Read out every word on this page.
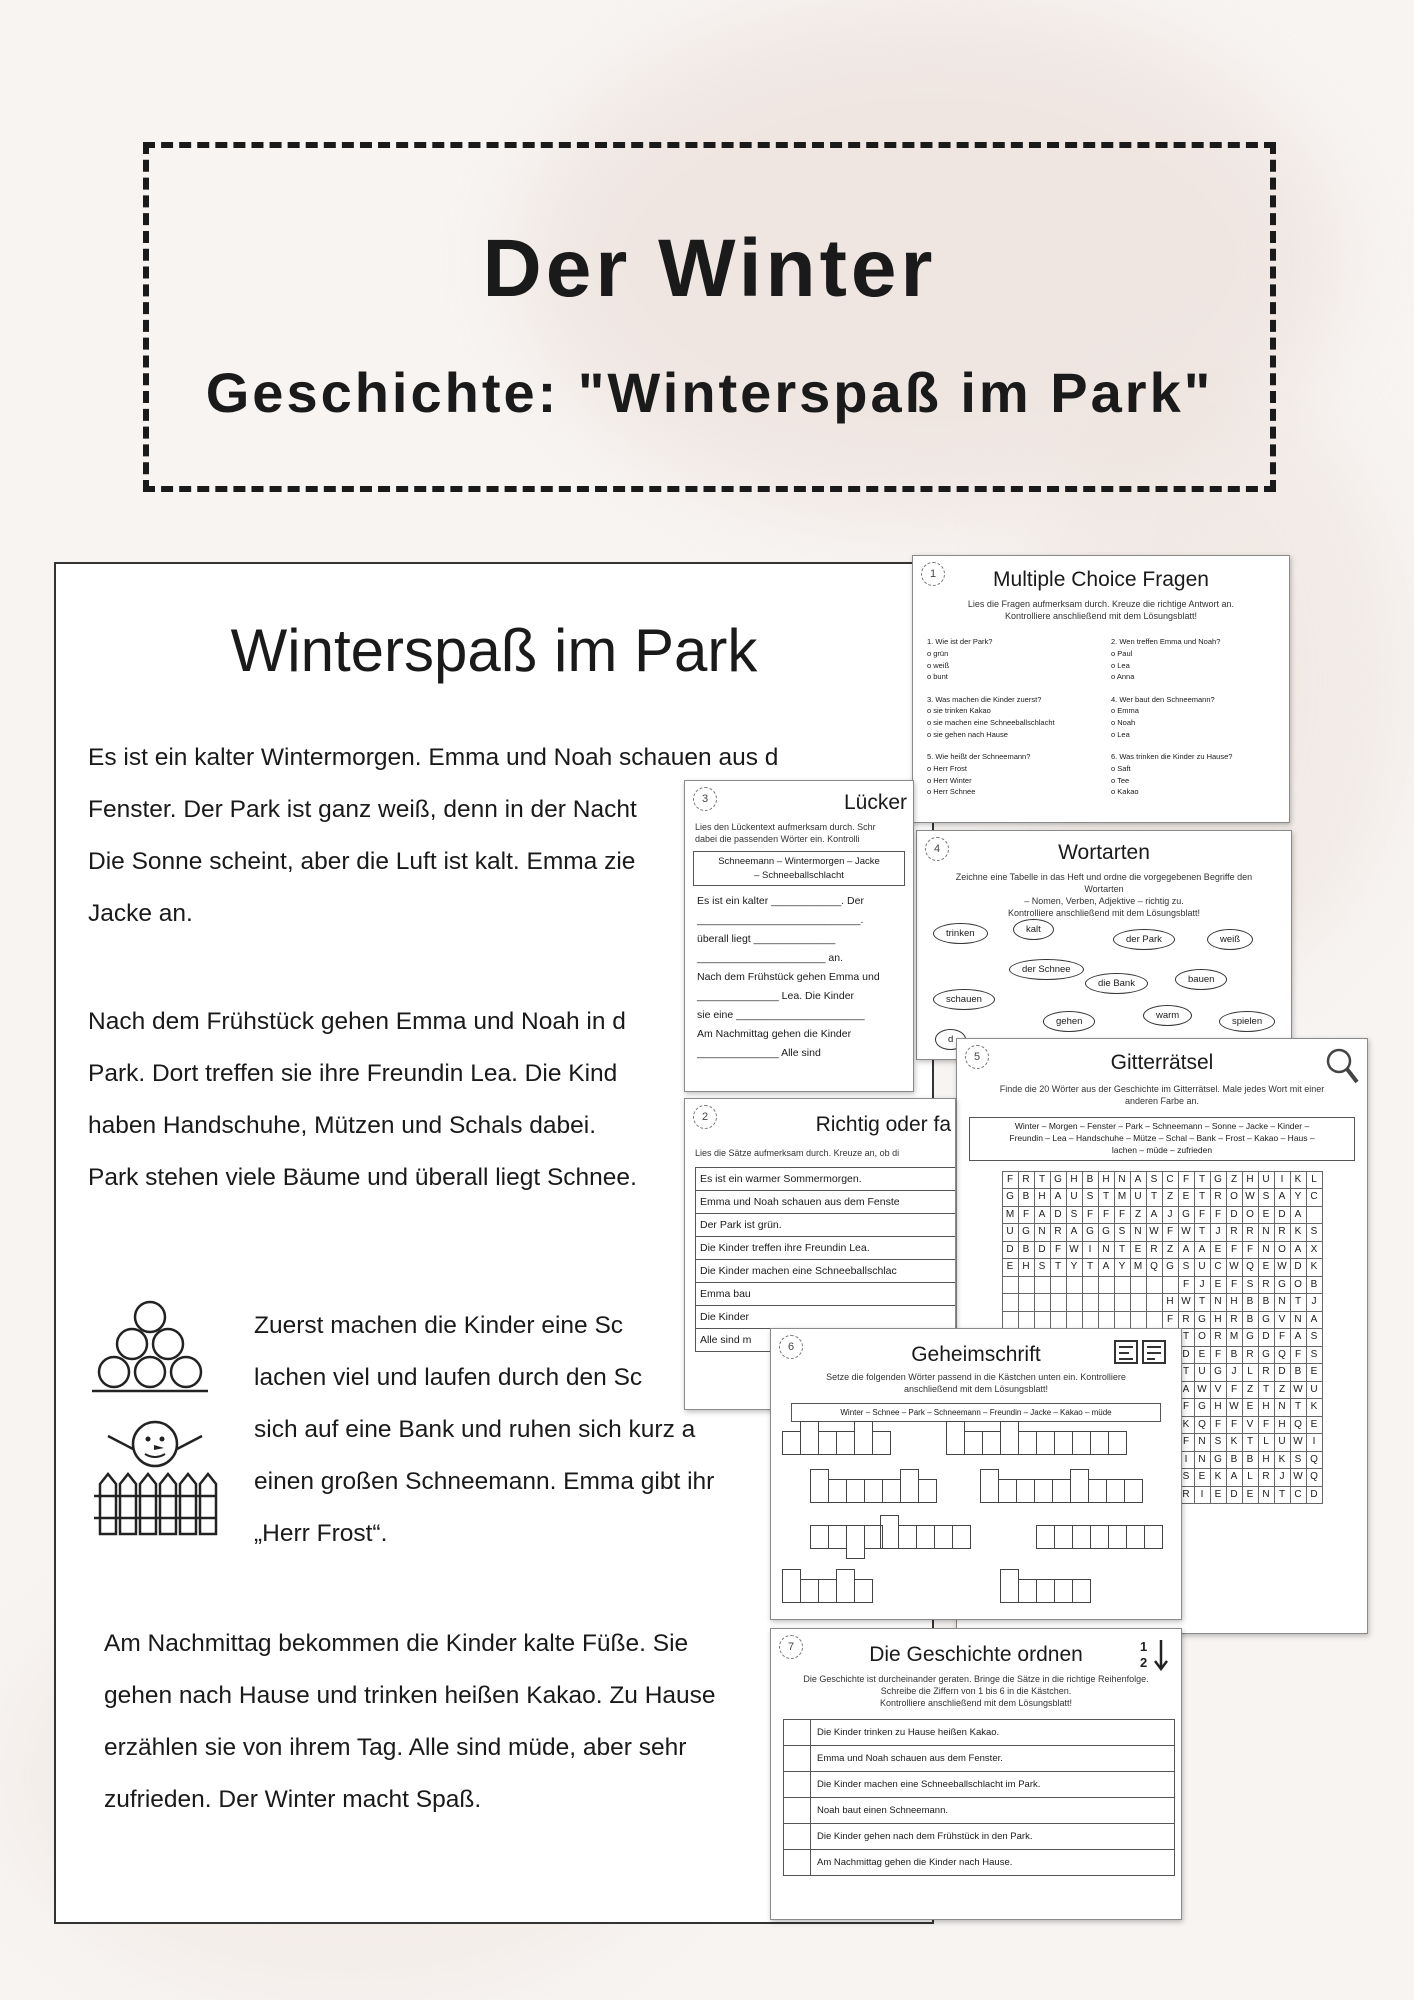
Der Winter
Geschichte: "Winterspaß im Park"
Winterspaß im Park
Es ist ein kalter Wintermorgen. Emma und Noah schauen aus d
Fenster. Der Park ist ganz weiß, denn in der Nacht
Die Sonne scheint, aber die Luft ist kalt. Emma zie
Jacke an.
Nach dem Frühstück gehen Emma und Noah in d
Park. Dort treffen sie ihre Freundin Lea. Die Kind
haben Handschuhe, Mützen und Schals dabei.
Park stehen viele Bäume und überall liegt Schnee.
Zuerst machen die Kinder eine Sc
lachen viel und laufen durch den Sc
sich auf eine Bank und ruhen sich kurz a
einen großen Schneemann. Emma gibt ihr
„Herr Frost“.
Am Nachmittag bekommen die Kinder kalte Füße. Sie
gehen nach Hause und trinken heißen Kakao. Zu Hause
erzählen sie von ihrem Tag. Alle sind müde, aber sehr
zufrieden. Der Winter macht Spaß.
1	Multiple Choice Fragen
Lies die Fragen aufmerksam durch. Kreuze die richtige Antwort an.
Kontrolliere anschließend mit dem Lösungsblatt!
1. Wie ist der Park?
o grün
o weiß
o bunt
2. Wen treffen Emma und Noah?
o Paul
o Lea
o Anna
3. Was machen die Kinder zuerst?
o sie trinken Kakao
o sie machen eine Schneeballschlacht
o sie gehen nach Hause
4. Wer baut den Schneemann?
o Emma
o Noah
o Lea
5. Wie heißt der Schneemann?
o Herr Frost
o Herr Winter
o Herr Schnee
6. Was trinken die Kinder zu Hause?
o Saft
o Tee
o Kakao
4	Wortarten
Zeichne eine Tabelle in das Heft und ordne die vorgegebenen Begriffe den Wortarten
– Nomen, Verben, Adjektive – richtig zu.
Kontrolliere anschließend mit dem Lösungsblatt!
trinken	kalt
der Park	weiß
der Schnee
die Bank	bauen
schauen
gehen
warm
spielen
d
3	Lücker
Lies den Lückentext aufmerksam durch. Schr
dabei die passenden Wörter ein. Kontrolli
Schneemann – Wintermorgen – Jacke
– Schneeballschlacht
Es ist ein kalter ____________. Der
____________________________.
überall liegt ______________
______________________ an.
Nach dem Frühstück gehen Emma und
______________ Lea. Die Kinder
sie eine ______________________
Am Nachmittag gehen die Kinder
______________ Alle sind	5	Gitterrätsel
Finde die 20 Wörter aus der Geschichte im Gitterrätsel. Male jedes Wort mit einer
anderen Farbe an.
Winter – Morgen – Fenster – Park – Schneemann – Sonne – Jacke – Kinder –
Freundin – Lea – Handschuhe – Mütze – Schal – Bank – Frost – Kakao – Haus –
lachen – müde – zufrieden
F	R	T	G	H	B	H	N	A	S	C	F	T	G	Z	H	U	I	K	L
G	B	H	A	U	S	T	M	U	T	Z	E	T	R	O	W	S	A	Y	C
M	F	A	D	S	F	F	F	Z	A	J	G	F	F	D	O	E	D	A	
U	G	N	R	A	G	G	S	N	W	F	W	T	J	R	R	N	R	K	S
D	B	D	F	W	I	N	T	E	R	Z	A	A	E	F	F	N	O	A	X
E	H	S	T	Y	T	A	Y	M	Q	G	S	U	C	W	Q	E	W	D	K
											F	J	E	F	S	R	G	O	B
										H	W	T	N	H	B	B	N	T	J
										F	R	G	H	R	B	G	V	N	A
											T	O	R	M	G	D	F	A	S
											D	E	F	B	R	G	Q	F	S
											T	U	G	J	L	R	D	B	E
											A	W	V	F	Z	T	Z	W	U
											F	G	H	W	E	H	N	T	K
											K	Q	F	F	V	F	H	Q	E
											F	N	S	K	T	L	U	W	I
											I	N	G	B	B	H	K	S	Q
											S	E	K	A	L	R	J	W	Q
											R	I	E	D	E	N	T	C	D
2	Richtig oder fa
Lies die Sätze aufmerksam durch. Kreuze an, ob di
Es ist ein warmer Sommermorgen.
Emma und Noah schauen aus dem Fenste
Der Park ist grün.
Die Kinder treffen ihre Freundin Lea.
Die Kinder machen eine Schneeballschlac
Emma bau
Die Kinder
Alle sind m
6	Geheimschrift
Setze die folgenden Wörter passend in die Kästchen unten ein. Kontrolliere
anschließend mit dem Lösungsblatt!
Winter – Schnee – Park – Schneemann – Freundin – Jacke – Kakao – müde
7	1
2
Die Geschichte ordnen
Die Geschichte ist durcheinander geraten. Bringe die Sätze in die richtige Reihenfolge.
Schreibe die Ziffern von 1 bis 6 in die Kästchen.
Kontrolliere anschließend mit dem Lösungsblatt!
	Die Kinder trinken zu Hause heißen Kakao.
	Emma und Noah schauen aus dem Fenster.
	Die Kinder machen eine Schneeballschlacht im Park.
	Noah baut einen Schneemann.
	Die Kinder gehen nach dem Frühstück in den Park.
	Am Nachmittag gehen die Kinder nach Hause.
